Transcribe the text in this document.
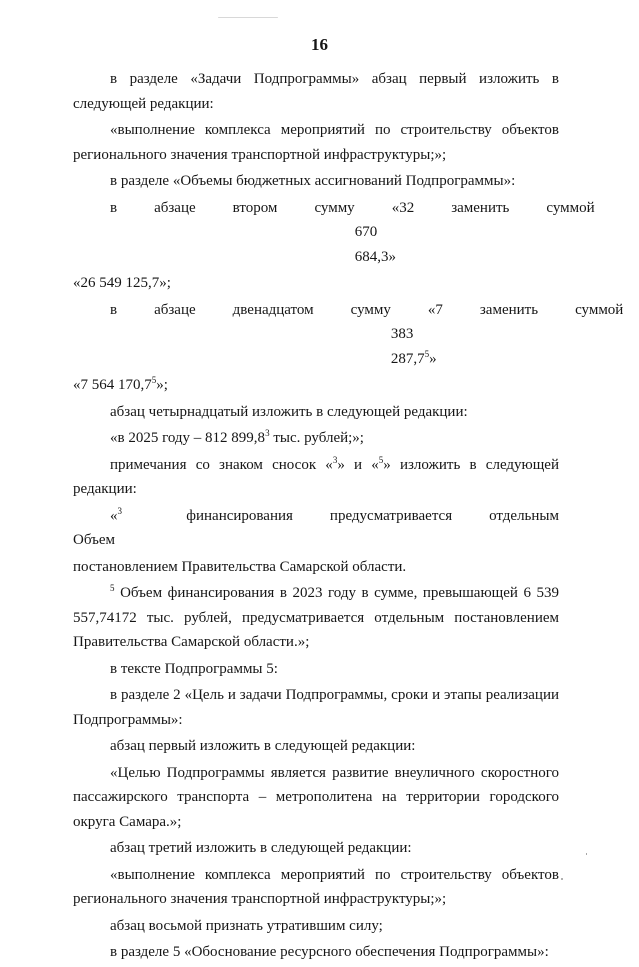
16

в разделе «Задачи Подпрограммы» абзац первый изложить в следующей редакции:

«выполнение комплекса мероприятий по строительству объектов регионального значения транспортной инфраструктуры;»;

в разделе «Объемы бюджетных ассигнований Подпрограммы»:

в	абзаце	втором	сумму	«32 670 684,3»
заменить	суммой

«26 549 125,7»;

в	абзаце	двенадцатом	сумму	«7 383 287,7$^5$»
заменить	суммой

«7 564 170,7$^5$»;

абзац четырнадцатый изложить в следующей редакции:

«в 2025 году – 812 899,8$^3$ тыс. рублей;»;

примечания со знаком сносок «$^3$» и «$^5$» изложить в следующей редакции:

«$^3$ Объем
финансирования	предусматривается	отдельным

постановлением Правительства Самарской области.

$^5$ Объем финансирования в 2023 году в сумме, превышающей 6 539 557,74172 тыс. рублей, предусматривается отдельным постановлением Правительства Самарской области.»;

в тексте Подпрограммы 5:

в разделе 2 «Цель и задачи Подпрограммы, сроки и этапы реализации Подпрограммы»:

абзац первый изложить в следующей редакции:

«Целью Подпрограммы является развитие внеуличного скоростного пассажирского транспорта – метрополитена на территории городского округа Самара.»;

абзац третий изложить в следующей редакции:

«выполнение комплекса мероприятий по строительству объектов регионального значения транспортной инфраструктуры;»;

абзац восьмой признать утратившим силу;

в разделе 5 «Обоснование ресурсного обеспечения Подпрограммы»:
